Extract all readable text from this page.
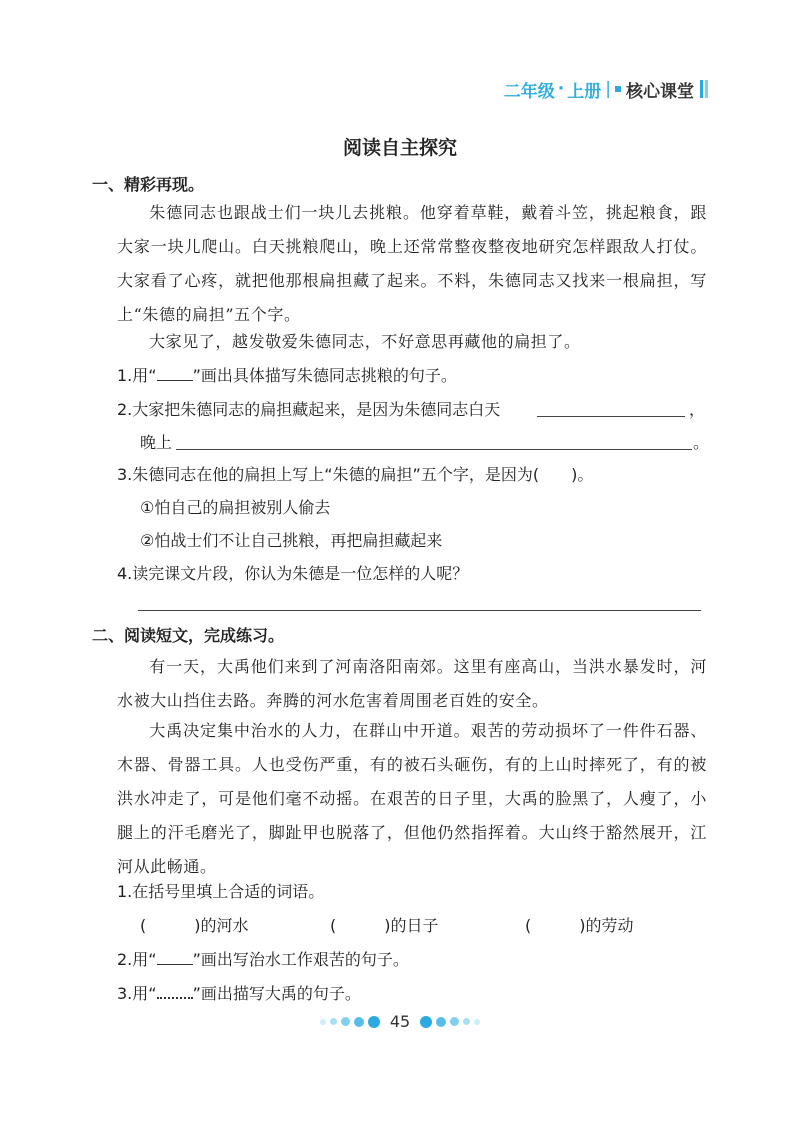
二年级 · 上册 | 核心课堂
阅读自主探究
一、精彩再现。
朱德同志也跟战士们一块儿去挑粮。他穿着草鞋，戴着斗笠，挑起粮食，跟大家一块儿爬山。白天挑粮爬山，晚上还常常整夜整夜地研究怎样跟敌人打仗。大家看了心疼，就把他那根扁担藏了起来。不料，朱德同志又找来一根扁担，写上“朱德的扁担”五个字。
大家见了，越发敬爱朱德同志，不好意思再藏他的扁担了。
1.用“ ”画出具体描写朱德同志挑粮的句子。
2.大家把朱德同志的扁担藏起来，是因为朱德同志白天	，
晚上	。
3.朱德同志在他的扁担上写上“朱德的扁担”五个字，是因为(　　)。
①怕自己的扁担被别人偷去
②怕战士们不让自己挑粮，再把扁担藏起来
4.读完课文片段，你认为朱德是一位怎样的人呢？
二、阅读短文，完成练习。
有一天，大禹他们来到了河南洛阳南郊。这里有座高山，当洪水暴发时，河水被大山挡住去路。奔腾的河水危害着周围老百姓的安全。
大禹决定集中治水的人力，在群山中开道。艰苦的劳动损坏了一件件石器、木器、骨器工具。人也受伤严重，有的被石头砸伤，有的上山时摔死了，有的被洪水冲走了，可是他们毫不动摇。在艰苦的日子里，大禹的脸黑了，人瘦了，小腿上的汗毛磨光了，脚趾甲也脱落了，但他仍然指挥着。大山终于豁然展开，江河从此畅通。
1.在括号里填上合适的词语。
(　　　)的河水	(　　　)的日子	(　　　)的劳动
2.用“ ”画出写治水工作艰苦的句子。
3.用“ ”画出描写大禹的句子。
45
